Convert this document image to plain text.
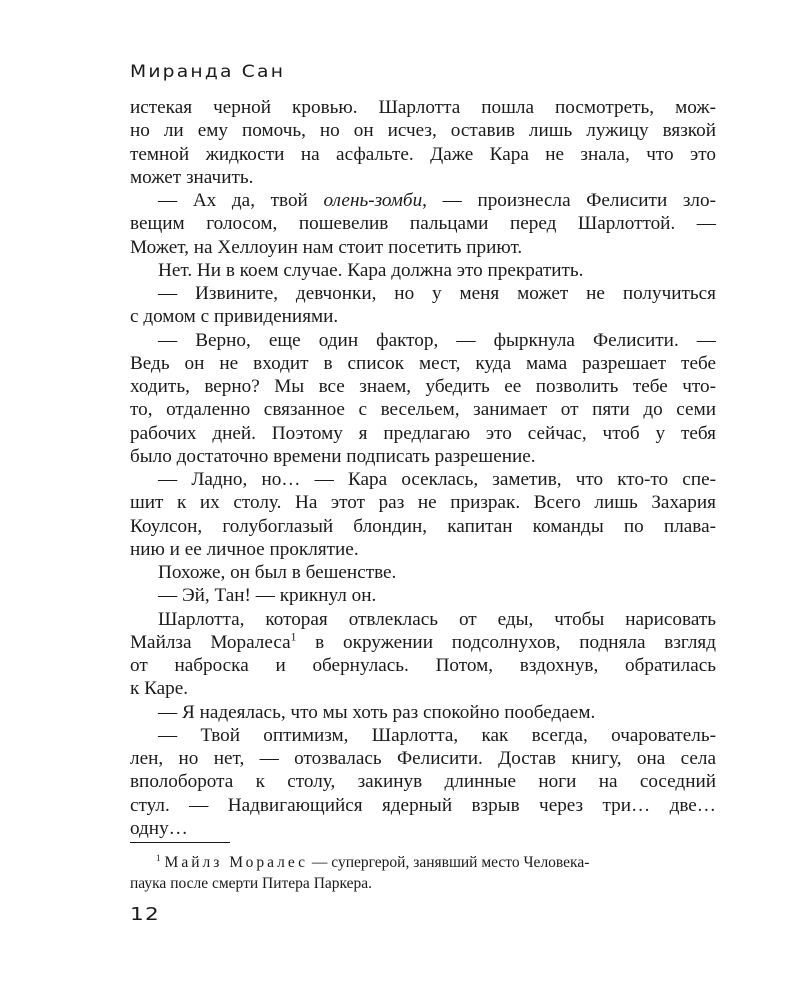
Миранда Сан
истекая черной кровью. Шарлотта пошла посмотреть, мож-
но ли ему помочь, но он исчез, оставив лишь лужицу вязкой
темной жидкости на асфальте. Даже Кара не знала, что это
может значить.
— Ах да, твой олень-зомби, — произнесла Фелисити зло-
вещим голосом, пошевелив пальцами перед Шарлоттой. —
Может, на Хеллоуин нам стоит посетить приют.
Нет. Ни в коем случае. Кара должна это прекратить.
— Извините, девчонки, но у меня может не получиться
с домом с привидениями.
— Верно, еще один фактор, — фыркнула Фелисити. —
Ведь он не входит в список мест, куда мама разрешает тебе
ходить, верно? Мы все знаем, убедить ее позволить тебе что-
то, отдаленно связанное с весельем, занимает от пяти до семи
рабочих дней. Поэтому я предлагаю это сейчас, чтоб у тебя
было достаточно времени подписать разрешение.
— Ладно, но… — Кара осеклась, заметив, что кто-то спе-
шит к их столу. На этот раз не призрак. Всего лишь Захария
Коулсон, голубоглазый блондин, капитан команды по плава-
нию и ее личное проклятие.
Похоже, он был в бешенстве.
— Эй, Тан! — крикнул он.
Шарлотта, которая отвлеклась от еды, чтобы нарисовать
Майлза Моралеса$^1$ в окружении подсолнухов, подняла взгляд
от наброска и обернулась. Потом, вздохнув, обратилась
к Каре.
— Я надеялась, что мы хоть раз спокойно пообедаем.
— Твой оптимизм, Шарлотта, как всегда, очарователь-
лен, но нет, — отозвалась Фелисити. Достав книгу, она села
вполоборота к столу, закинув длинные ноги на соседний
стул. — Надвигающийся ядерный взрыв через три… две…
одну…
$^1$ Майлз Моралес — супергерой, занявший место Человека-
паука после смерти Питера Паркера.
12
